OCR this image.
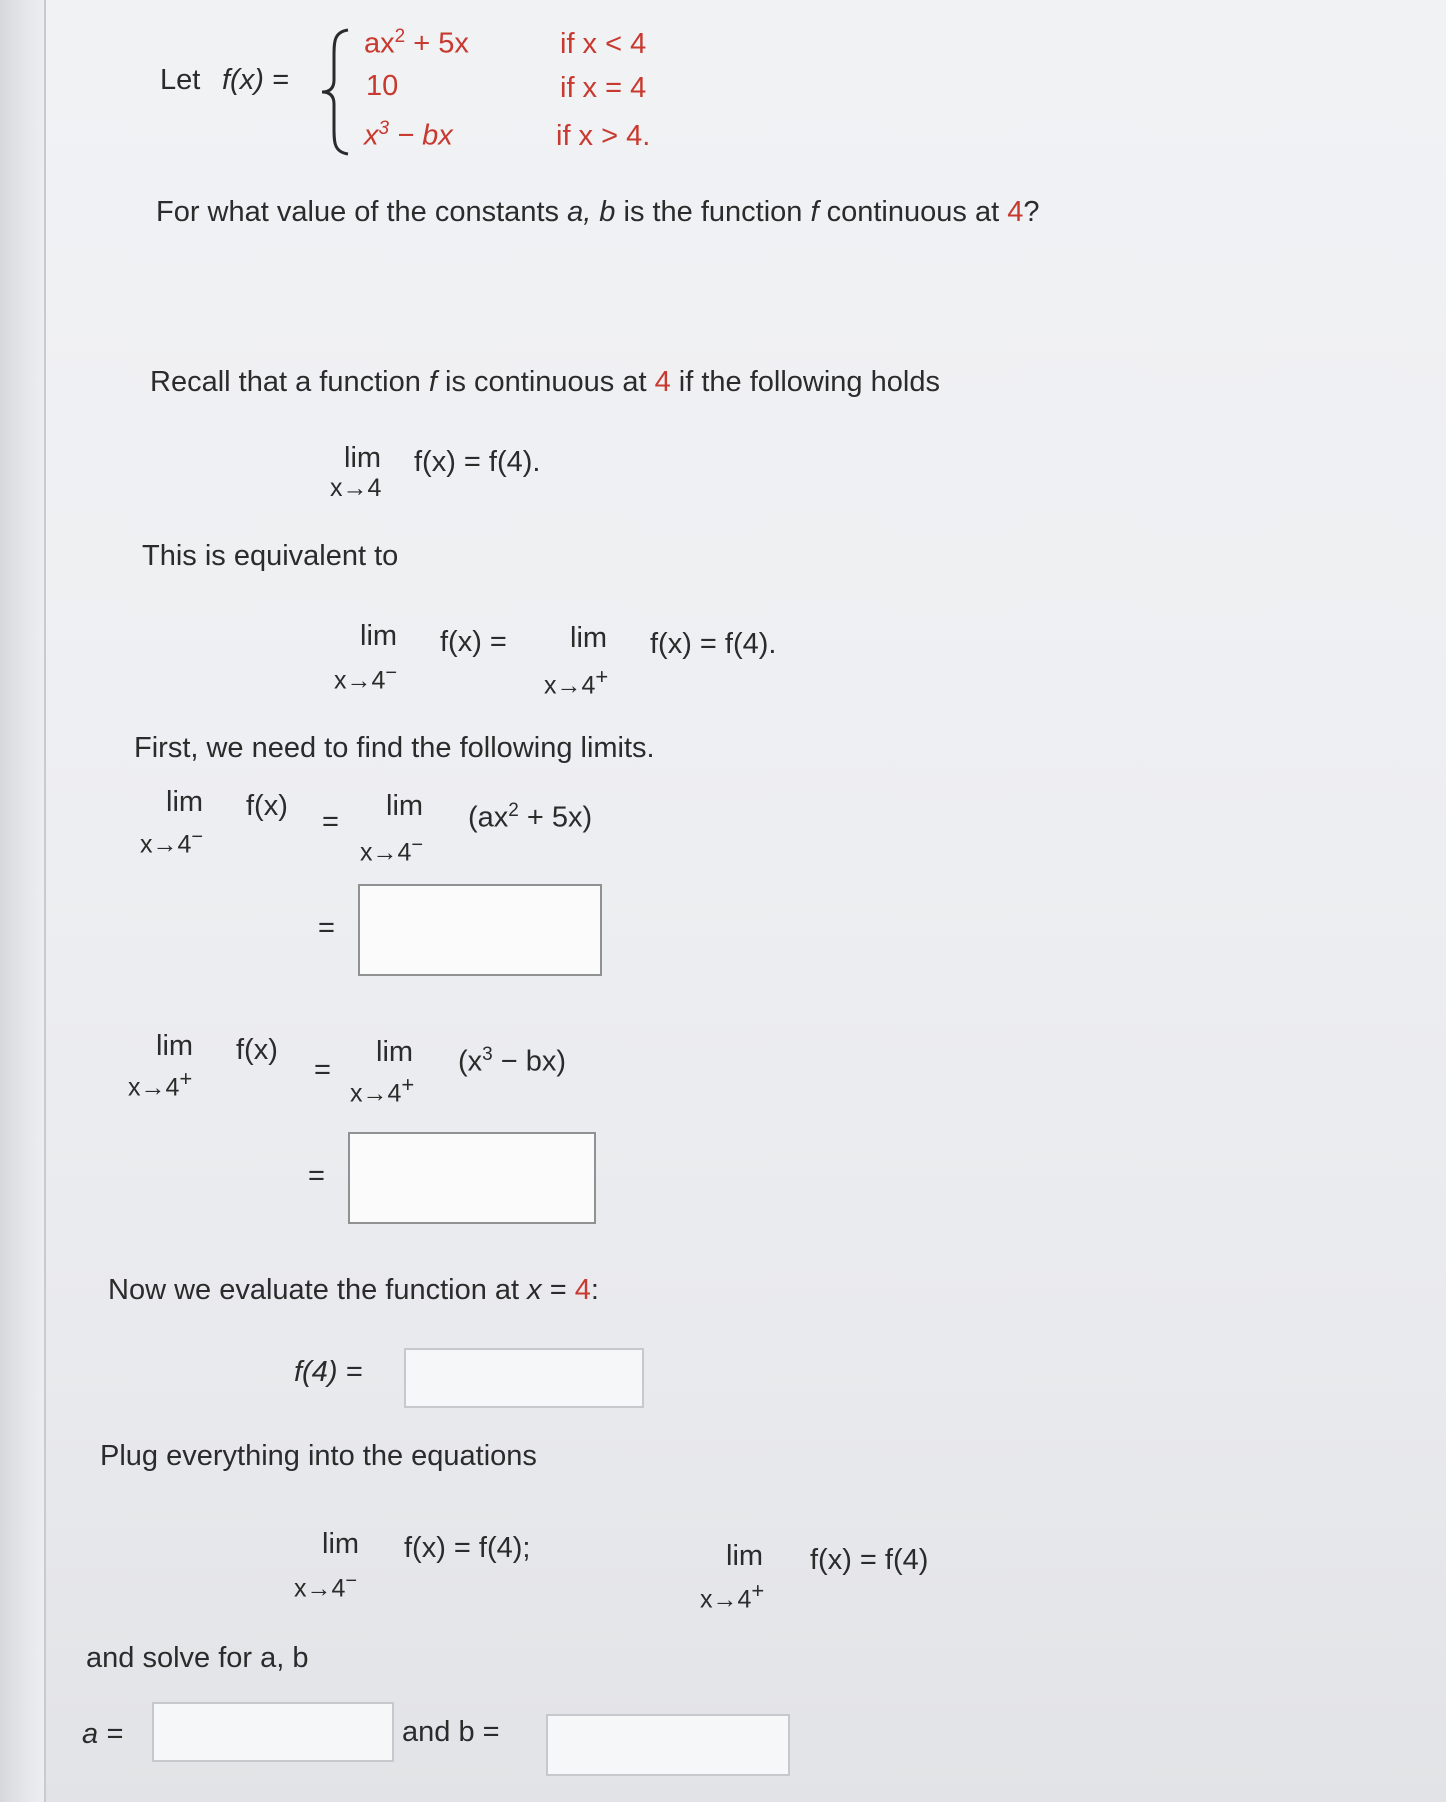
Let f(x) =
$ax^2 + 5x$	if x < 4
10	if x = 4
$x^3$ − bx	if x > 4.
For what value of the constants a, b is the function f continuous at 4?
Recall that a function f is continuous at 4 if the following holds
lim
x→4
f(x) = f(4).
This is equivalent to
lim
x→4−
f(x) = lim
x→4+
f(x) = f(4).
First, we need to find the following limits.
lim
x→4−
f(x) = lim
x→4−
$(ax^2 + 5x)$
=
lim
x→4+
f(x)
=
lim
x→4+
$(x^3 - bx)$
=
Now we evaluate the function at x = 4:
f(4) =
Plug everything into the equations
lim
x→4−
f(x) = f(4);	lim
x→4+
f(x) = f(4)
and solve for a, b
a =	and b =
